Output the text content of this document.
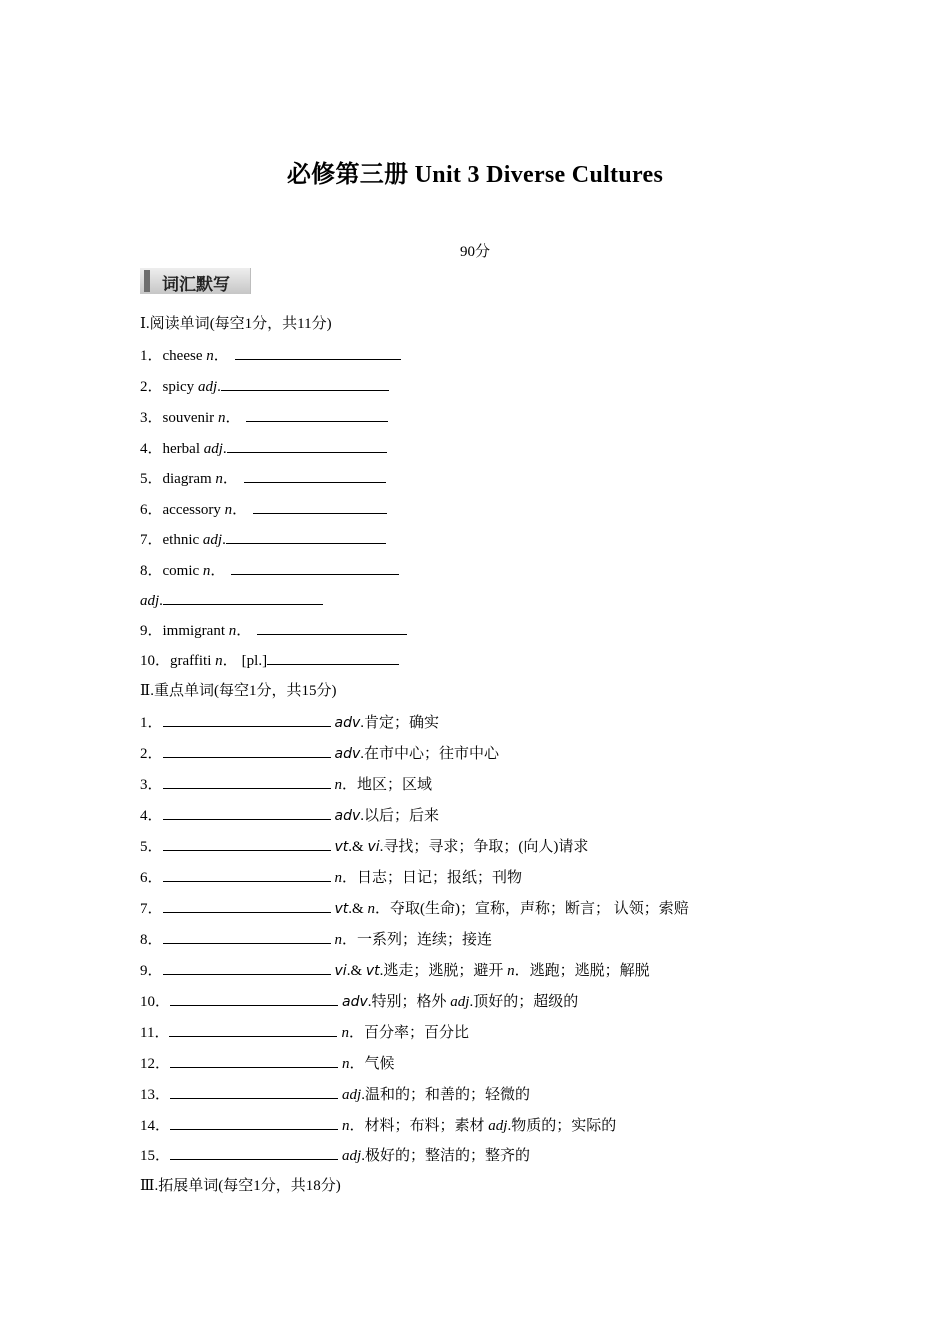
必修第三册 Unit 3 Diverse Cultures
90分
词汇默写
Ⅰ.阅读单词(每空1分，共11分)
1．cheese n．
2．spicy adj.
3．souvenir n．
4．herbal adj.
5．diagram n．
6．accessory n．
7．ethnic adj.
8．comic n．
adj.
9．immigrant n．
10．graffiti n． [pl.]
Ⅱ.重点单词(每空1分，共15分)
1．	adv.肯定；确实
2．	adv.在市中心；往市中心
3．	n．地区；区域
4．	adv.以后；后来
5．	vt.& vi.寻找；寻求；争取；(向人)请求
6．	n．日志；日记；报纸；刊物
7．	vt.& n．夺取(生命)；宣称，声称；断言； 认领；索赔
8．	n．一系列；连续；接连
9．	vi.& vt.逃走；逃脱；避开 n．逃跑；逃脱；解脱
10．	adv.特别；格外 adj.顶好的；超级的
11．	n．百分率；百分比
12．	n．气候
13．	adj.温和的；和善的；轻微的
14．	n．材料；布料；素材 adj.物质的；实际的
15．	adj.极好的；整洁的；整齐的
Ⅲ.拓展单词(每空1分，共18分)
